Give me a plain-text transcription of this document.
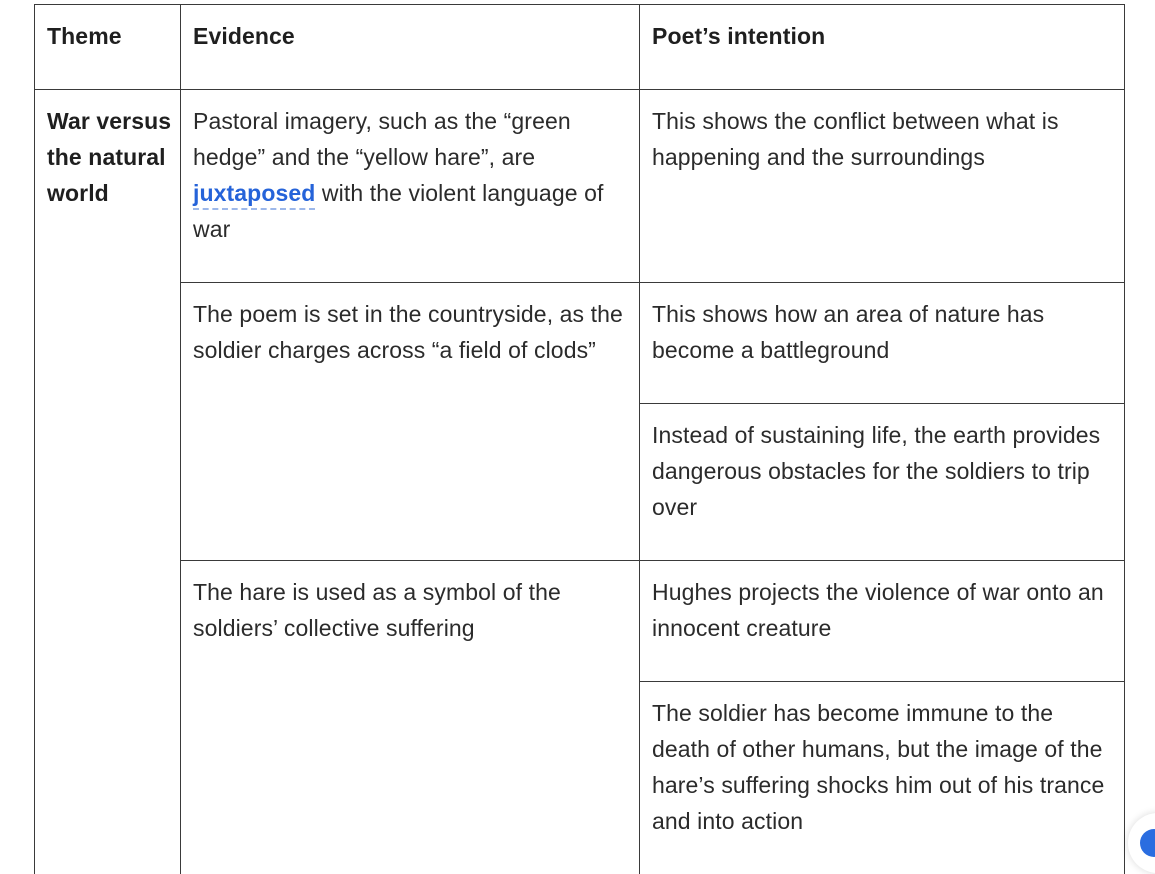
Theme	Evidence	Poet’s intention
War versus the natural world
Pastoral imagery, such as the “green hedge” and the “yellow hare”, are juxtaposed with the violent language of war
This shows the conflict between what is happening and the surroundings
The poem is set in the countryside, as the soldier charges across “a field of clods”
This shows how an area of nature has become a battleground
Instead of sustaining life, the earth provides dangerous obstacles for the soldiers to trip over
The hare is used as a symbol of the soldiers’ collective suffering
Hughes projects the violence of war onto an innocent creature
The soldier has become immune to the death of other humans, but the image of the hare’s suffering shocks him out of his trance and into action
